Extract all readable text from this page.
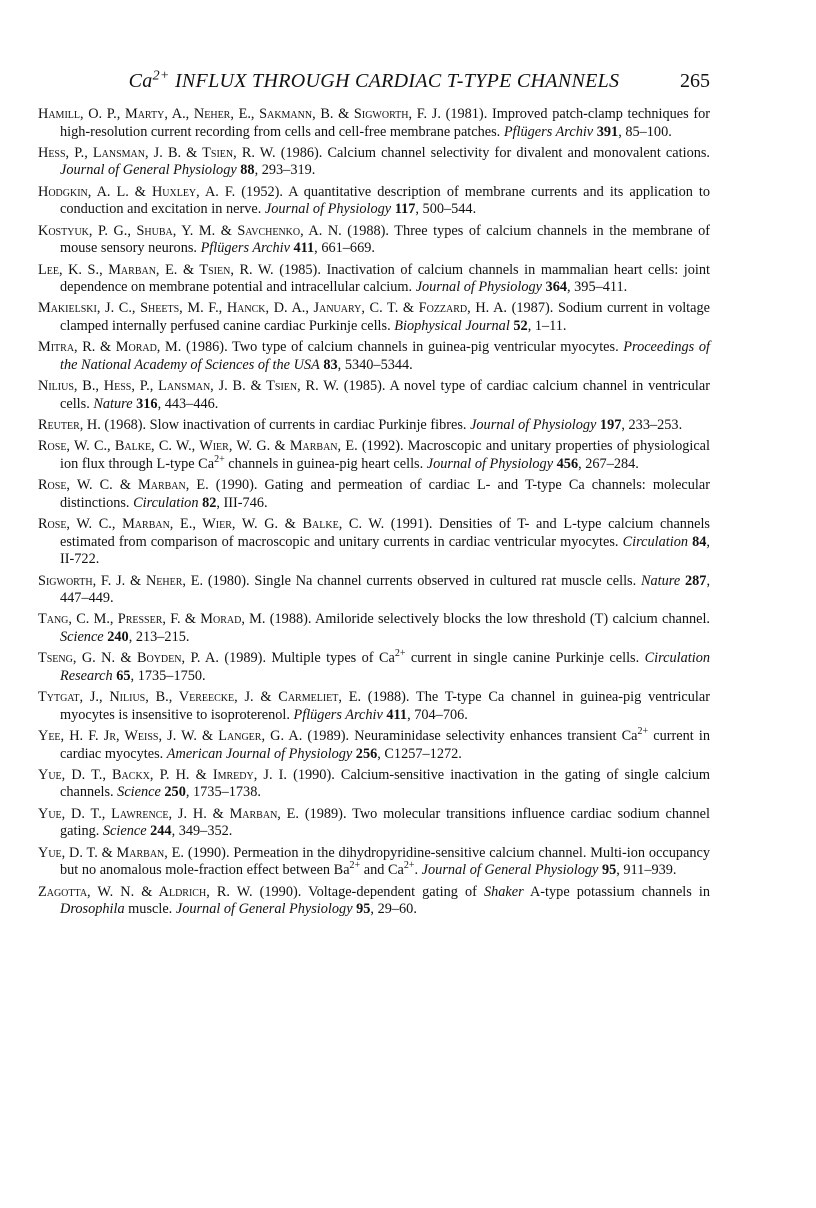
$Ca^{2+}$ INFLUX THROUGH CARDIAC T-TYPE CHANNELS	265

Hamill, O. P., Marty, A., Neher, E., Sakmann, B. & Sigworth, F. J. (1981). Improved patch-clamp techniques for high-resolution current recording from cells and cell-free membrane patches. Pflügers Archiv 391, 85–100.

Hess, P., Lansman, J. B. & Tsien, R. W. (1986). Calcium channel selectivity for divalent and monovalent cations. Journal of General Physiology 88, 293–319.

Hodgkin, A. L. & Huxley, A. F. (1952). A quantitative description of membrane currents and its application to conduction and excitation in nerve. Journal of Physiology 117, 500–544.

Kostyuk, P. G., Shuba, Y. M. & Savchenko, A. N. (1988). Three types of calcium channels in the membrane of mouse sensory neurons. Pflügers Archiv 411, 661–669.

Lee, K. S., Marban, E. & Tsien, R. W. (1985). Inactivation of calcium channels in mammalian heart cells: joint dependence on membrane potential and intracellular calcium. Journal of Physiology 364, 395–411.

Makielski, J. C., Sheets, M. F., Hanck, D. A., January, C. T. & Fozzard, H. A. (1987). Sodium current in voltage clamped internally perfused canine cardiac Purkinje cells. Biophysical Journal 52, 1–11.

Mitra, R. & Morad, M. (1986). Two type of calcium channels in guinea-pig ventricular myocytes. Proceedings of the National Academy of Sciences of the USA 83, 5340–5344.

Nilius, B., Hess, P., Lansman, J. B. & Tsien, R. W. (1985). A novel type of cardiac calcium channel in ventricular cells. Nature 316, 443–446.

Reuter, H. (1968). Slow inactivation of currents in cardiac Purkinje fibres. Journal of Physiology 197, 233–253.

Rose, W. C., Balke, C. W., Wier, W. G. & Marban, E. (1992). Macroscopic and unitary properties of physiological ion flux through L-type $Ca^{2+}$ channels in guinea-pig heart cells. Journal of Physiology 456, 267–284.

Rose, W. C. & Marban, E. (1990). Gating and permeation of cardiac L- and T-type Ca channels: molecular distinctions. Circulation 82, III-746.

Rose, W. C., Marban, E., Wier, W. G. & Balke, C. W. (1991). Densities of T- and L-type calcium channels estimated from comparison of macroscopic and unitary currents in cardiac ventricular myocytes. Circulation 84, II-722.

Sigworth, F. J. & Neher, E. (1980). Single Na channel currents observed in cultured rat muscle cells. Nature 287, 447–449.

Tang, C. M., Presser, F. & Morad, M. (1988). Amiloride selectively blocks the low threshold (T) calcium channel. Science 240, 213–215.

Tseng, G. N. & Boyden, P. A. (1989). Multiple types of $Ca^{2+}$ current in single canine Purkinje cells. Circulation Research 65, 1735–1750.

Tytgat, J., Nilius, B., Vereecke, J. & Carmeliet, E. (1988). The T-type Ca channel in guinea-pig ventricular myocytes is insensitive to isoproterenol. Pflügers Archiv 411, 704–706.

Yee, H. F. Jr, Weiss, J. W. & Langer, G. A. (1989). Neuraminidase selectivity enhances transient $Ca^{2+}$ current in cardiac myocytes. American Journal of Physiology 256, C1257–1272.

Yue, D. T., Backx, P. H. & Imredy, J. I. (1990). Calcium-sensitive inactivation in the gating of single calcium channels. Science 250, 1735–1738.

Yue, D. T., Lawrence, J. H. & Marban, E. (1989). Two molecular transitions influence cardiac sodium channel gating. Science 244, 349–352.

Yue, D. T. & Marban, E. (1990). Permeation in the dihydropyridine-sensitive calcium channel. Multi-ion occupancy but no anomalous mole-fraction effect between $Ba^{2+}$ and $Ca^{2+}$. Journal of General Physiology 95, 911–939.

Zagotta, W. N. & Aldrich, R. W. (1990). Voltage-dependent gating of Shaker A-type potassium channels in Drosophila muscle. Journal of General Physiology 95, 29–60.
